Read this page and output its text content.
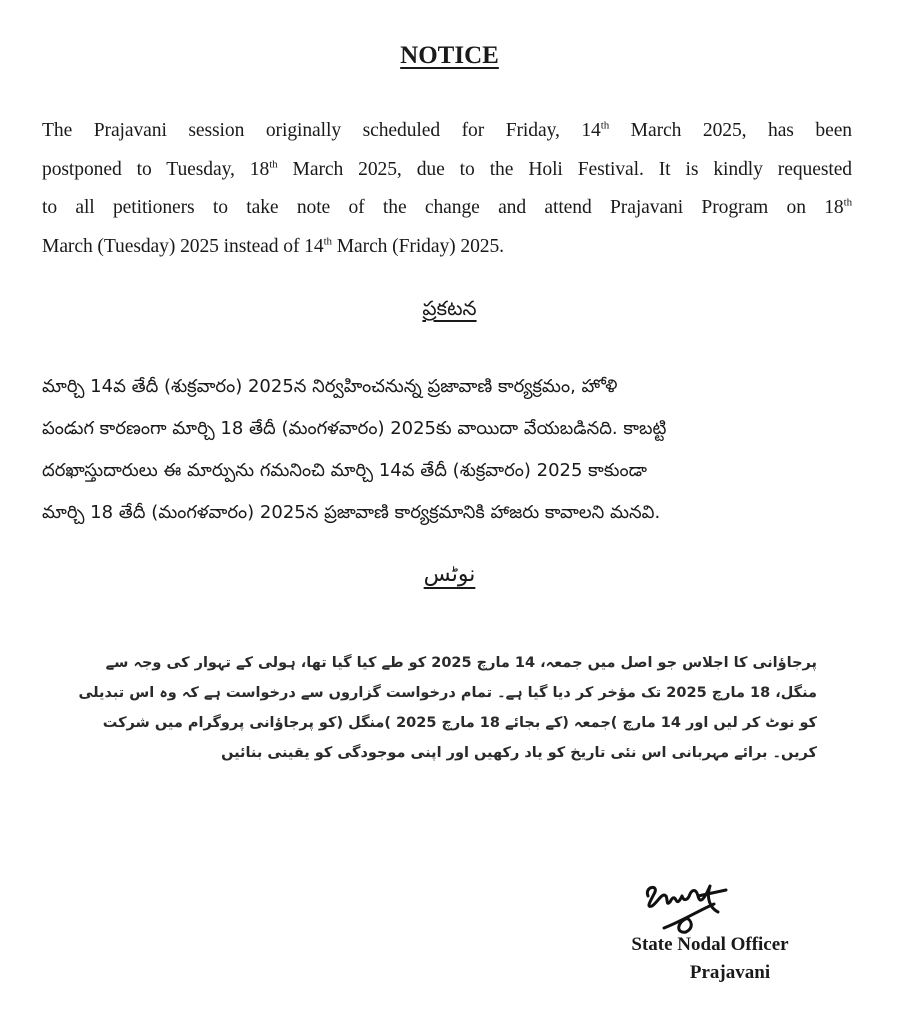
NOTICE
The Prajavani session originally scheduled for Friday, 14th March 2025, has been
postponed to Tuesday, 18th March 2025, due to the Holi Festival. It is kindly requested
to all petitioners to take note of the change and attend Prajavani Program on 18th
March (Tuesday) 2025 instead of 14th March (Friday) 2025.
ప్రకటన
మార్చి 14వ తేదీ (శుక్రవారం) 2025న నిర్వహించనున్న ప్రజావాణి కార్యక్రమం, హోళి
పండుగ కారణంగా మార్చి 18 తేదీ (మంగళవారం) 2025కు వాయిదా వేయబడినది. కాబట్టి
దరఖాస్తుదారులు ఈ మార్పును గమనించి మార్చి 14వ తేదీ (శుక్రవారం) 2025 కాకుండా
మార్చి 18 తేదీ (మంగళవారం) 2025న ప్రజావాణి కార్యక్రమానికి హాజరు కావాలని మనవి.
نوٹس
پرجاؤانی کا اجلاس جو اصل میں جمعہ، 14 مارچ 2025 کو طے کیا گیا تھا، ہولی کے تہوار کی وجہ سے
منگل، 18 مارچ 2025 تک مؤخر کر دیا گیا ہے۔ تمام درخواست گزاروں سے درخواست ہے کہ وہ اس تبدیلی
کو نوٹ کر لیں اور 14 مارچ )جمعہ (کے بجائے 18 مارچ 2025 )منگل (کو پرجاؤانی پروگرام میں شرکت
کریں۔ برائے مہربانی اس نئی تاریخ کو یاد رکھیں اور اپنی موجودگی کو یقینی بنائیں
State Nodal Officer
Prajavani
